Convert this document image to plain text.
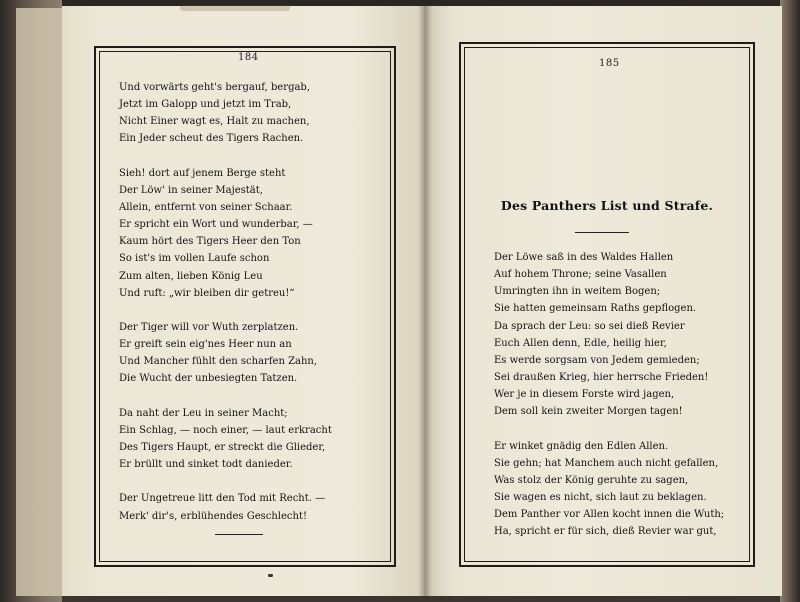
184
185
Und vorwärts geht's bergauf, bergab,
Jetzt im Galopp und jetzt im Trab,
Nicht Einer wagt es, Halt zu machen,
Ein Jeder scheut des Tigers Rachen.
Sieh! dort auf jenem Berge steht
Der Löw' in seiner Majestät,
Allein, entfernt von seiner Schaar.
Er spricht ein Wort und wunderbar, —
Kaum hört des Tigers Heer den Ton
So ist's im vollen Laufe schon
Zum alten, lieben König Leu
Und ruft: „wir bleiben dir getreu!“
Der Tiger will vor Wuth zerplatzen.
Er greift sein eig'nes Heer nun an
Und Mancher fühlt den scharfen Zahn,
Die Wucht der unbesiegten Tatzen.
Da naht der Leu in seiner Macht;
Ein Schlag, — noch einer, — laut erkracht
Des Tigers Haupt, er streckt die Glieder,
Er brüllt und sinket todt danieder.
Der Ungetreue litt den Tod mit Recht. —
Merk' dir's, erblühendes Geschlecht!
Des Panthers List und Strafe.
Der Löwe saß in des Waldes Hallen
Auf hohem Throne; seine Vasallen
Umringten ihn in weitem Bogen;
Sie hatten gemeinsam Raths gepflogen.
Da sprach der Leu: so sei dieß Revier
Euch Allen denn, Edle, heilig hier,
Es werde sorgsam von Jedem gemieden;
Sei draußen Krieg, hier herrsche Frieden!
Wer je in diesem Forste wird jagen,
Dem soll kein zweiter Morgen tagen!
Er winket gnädig den Edlen Allen.
Sie gehn; hat Manchem auch nicht gefallen,
Was stolz der König geruhte zu sagen,
Sie wagen es nicht, sich laut zu beklagen.
Dem Panther vor Allen kocht innen die Wuth;
Ha, spricht er für sich, dieß Revier war gut,
